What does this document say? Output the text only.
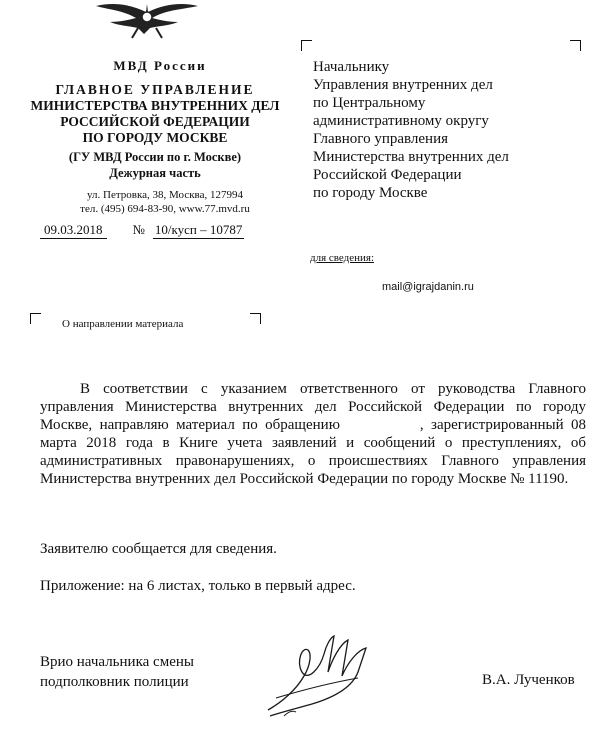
МВД России
ГЛАВНОЕ УПРАВЛЕНИЕ
МИНИСТЕРСТВА ВНУТРЕННИХ ДЕЛ
РОССИЙСКОЙ ФЕДЕРАЦИИ
ПО ГОРОДУ МОСКВЕ
(ГУ МВД России по г. Москве)
Дежурная часть
ул. Петровка, 38, Москва, 127994
тел. (495) 694-83-90, www.77.mvd.ru
09.03.2018 № 10/кусп – 10787
Начальнику
Управления внутренних дел
по Центральному
административному округу
Главного управления
Министерства внутренних дел
Российской Федерации
по городу Москве
для сведения:
mail@igrajdanin.ru
О направлении материала
В соответствии с указанием ответственного от руководства Главного управления Министерства внутренних дел Российской Федерации по городу Москве, направляю материал по обращению	, зарегистрированный 08 марта 2018 года в Книге учета заявлений и сообщений о преступлениях, об административных правонарушениях, о происшествиях Главного управления Министерства внутренних дел Российской Федерации по городу Москве № 11190.
Заявителю сообщается для сведения.
Приложение: на 6 листах, только в первый адрес.
Врио начальника смены
подполковник полиции	В.А. Лученков
